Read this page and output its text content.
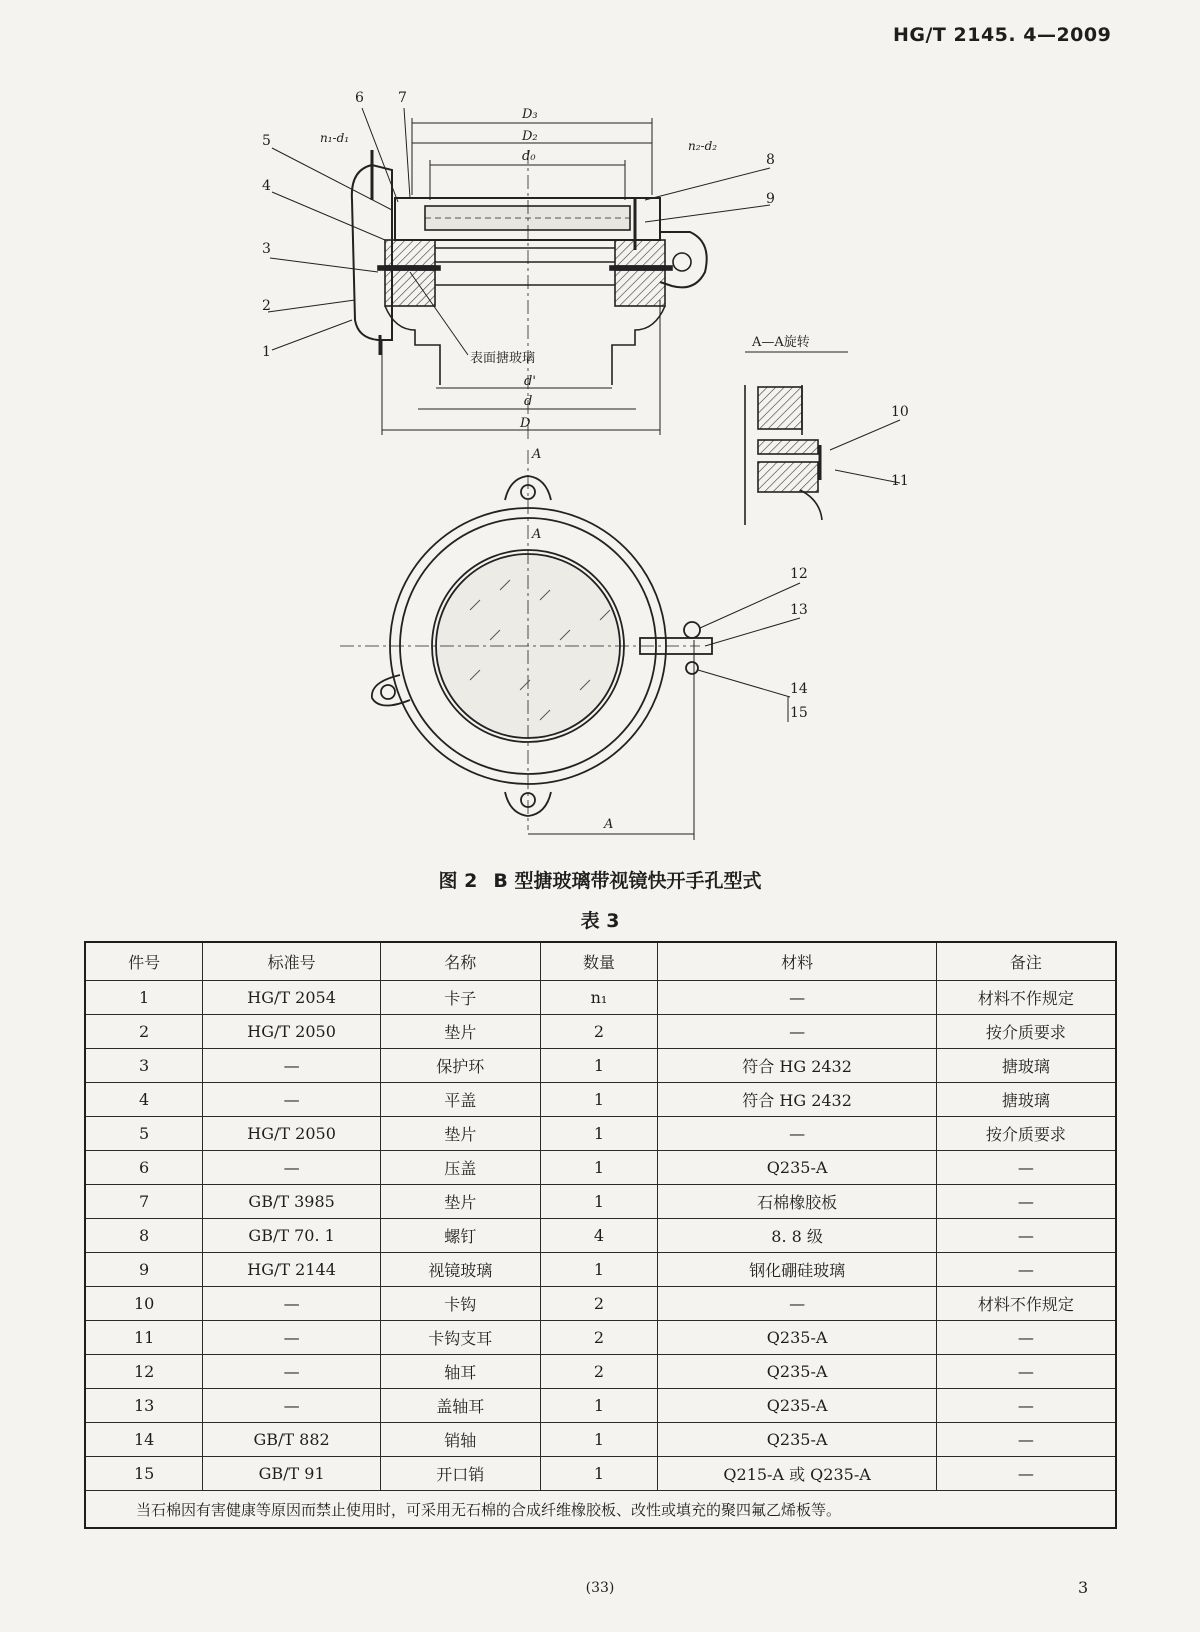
HG/T 2145. 4—2009
6 7
5
4
3
2
1
8
9
n₁-d₁
n₂-d₂
D₃
D₂
d₀
表面搪玻璃
d'
d
D
A—A旋转
10
11
12
13
14
15
A
A
A
图 2 B 型搪玻璃带视镜快开手孔型式
表 3
件号	标准号	名称	数量	材料	备注
1	HG/T 2054	卡子	n₁	—	材料不作规定
2	HG/T 2050	垫片	2	—	按介质要求
3	—	保护环	1	符合 HG 2432	搪玻璃
4	—	平盖	1	符合 HG 2432	搪玻璃
5	HG/T 2050	垫片	1	—	按介质要求
6	—	压盖	1	Q235-A	—
7	GB/T 3985	垫片	1	石棉橡胶板	—
8	GB/T 70. 1	螺钉	4	8. 8 级	—
9	HG/T 2144	视镜玻璃	1	钢化硼硅玻璃	—
10	—	卡钩	2	—	材料不作规定
11	—	卡钩支耳	2	Q235-A	—
12	—	轴耳	2	Q235-A	—
13	—	盖轴耳	1	Q235-A	—
14	GB/T 882	销轴	1	Q235-A	—
15	GB/T 91	开口销	1	Q215-A 或 Q235-A	—
当石棉因有害健康等原因而禁止使用时，可采用无石棉的合成纤维橡胶板、改性或填充的聚四氟乙烯板等。					
(33)	3
